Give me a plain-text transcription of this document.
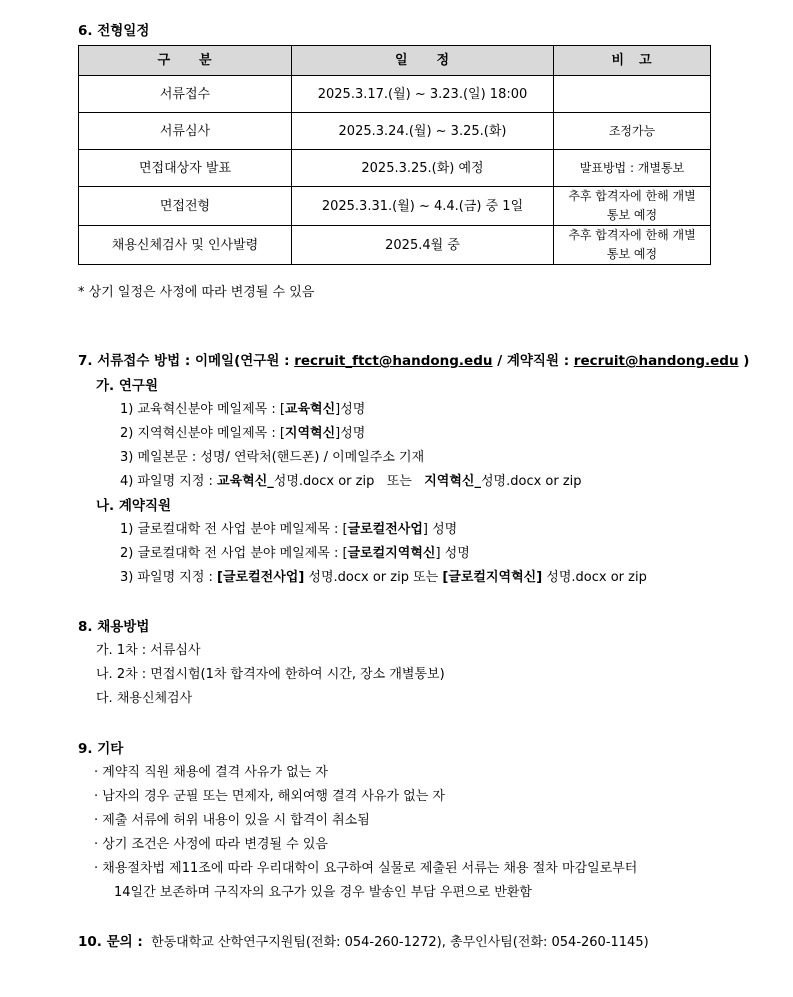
6. 전형일정
구　　분	일　　정	비　고
서류접수	2025.3.17.(월) ~ 3.23.(일) 18:00	
서류심사	2025.3.24.(월) ~ 3.25.(화)	조정가능
면접대상자 발표	2025.3.25.(화) 예정	발표방법 : 개별통보
면접전형	2025.3.31.(월) ~ 4.4.(금) 중 1일	추후 합격자에 한해 개별 통보 예정
채용신체검사 및 인사발령	2025.4월 중	추후 합격자에 한해 개별 통보 예정
* 상기 일정은 사정에 따라 변경될 수 있음
7. 서류접수 방법 : 이메일(연구원 : recruit_ftct@handong.edu / 계약직원 : recruit@handong.edu )
가. 연구원
1) 교육혁신분야 메일제목 : [교육혁신]성명
2) 지역혁신분야 메일제목 : [지역혁신]성명
3) 메일본문 : 성명/ 연락처(핸드폰) / 이메일주소 기재
4) 파일명 지정 : 교육혁신_성명.docx or zip   또는   지역혁신_성명.docx or zip
나. 계약직원
1) 글로컬대학 전 사업 분야 메일제목 : [글로컬전사업] 성명
2) 글로컬대학 전 사업 분야 메일제목 : [글로컬지역혁신] 성명
3) 파일명 지정 : [글로컬전사업] 성명.docx or zip 또는 [글로컬지역혁신] 성명.docx or zip
8. 채용방법
가. 1차 : 서류심사
나. 2차 : 면접시험(1차 합격자에 한하여 시간, 장소 개별통보)
다. 채용신체검사
9. 기타
· 계약직 직원 채용에 결격 사유가 없는 자
· 남자의 경우 군필 또는 면제자, 해외여행 결격 사유가 없는 자
· 제출 서류에 허위 내용이 있을 시 합격이 취소됨
· 상기 조건은 사정에 따라 변경될 수 있음
· 채용절차법 제11조에 따라 우리대학이 요구하여 실물로 제출된 서류는 채용 절차 마감일로부터
14일간 보존하며 구직자의 요구가 있을 경우 발송인 부담 우편으로 반환함
10. 문의 : 한동대학교 산학연구지원팀(전화: 054-260-1272), 총무인사팀(전화: 054-260-1145)
